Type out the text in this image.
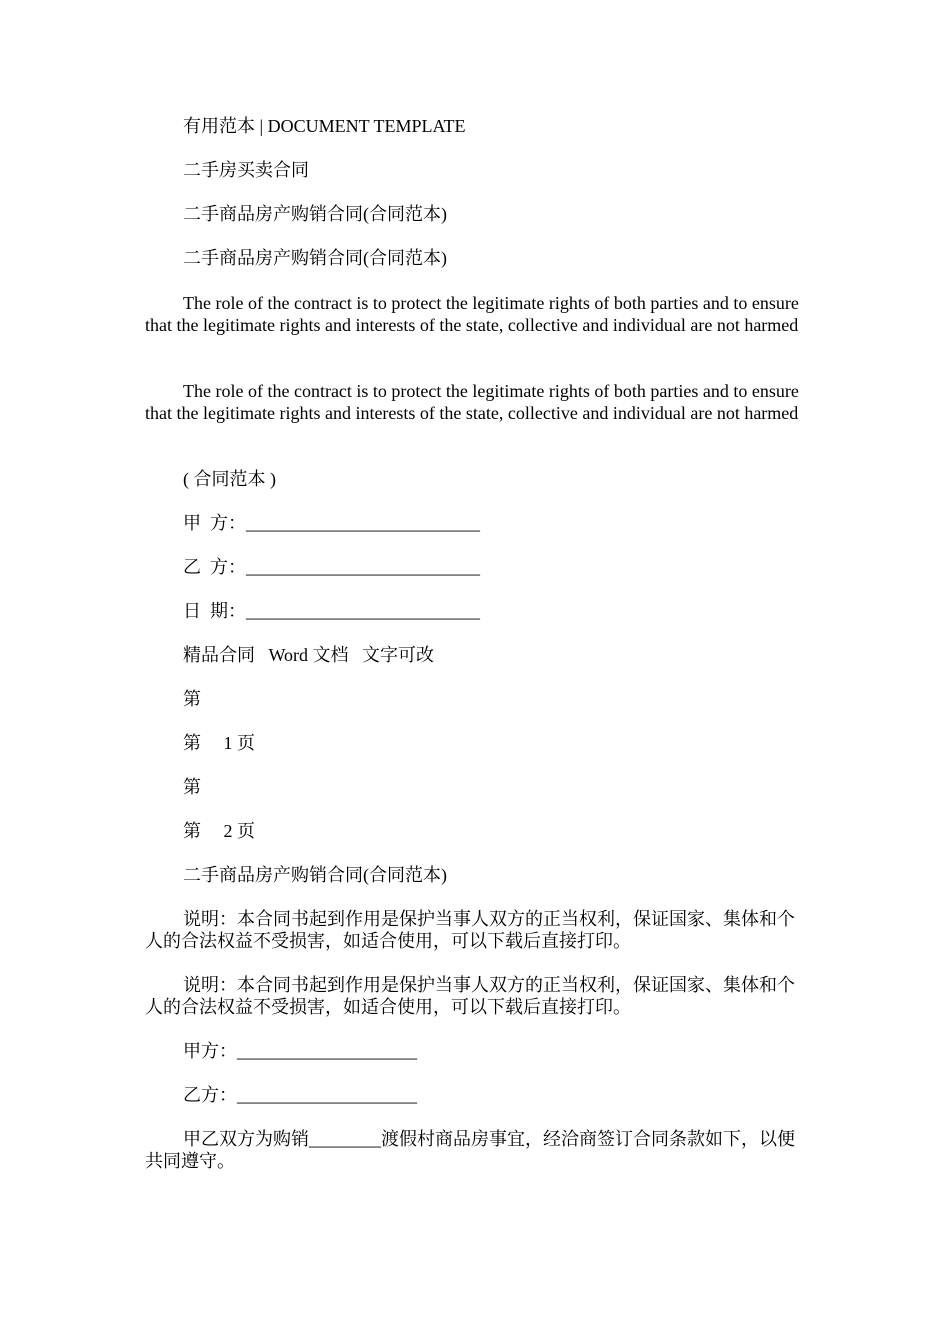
有用范本 | DOCUMENT TEMPLATE
二手房买卖合同
二手商品房产购销合同(合同范本)
二手商品房产购销合同(合同范本)
The role of the contract is to protect the legitimate rights of both parties and to ensure that the legitimate rights and interests of the state, collective and individual are not harmed
The role of the contract is to protect the legitimate rights of both parties and to ensure that the legitimate rights and interests of the state, collective and individual are not harmed
( 合同范本 )
甲  方：__________________________
乙  方：__________________________
日  期：__________________________
精品合同   Word 文档   文字可改
第
第     1 页
第
第     2 页
二手商品房产购销合同(合同范本)
说明：本合同书起到作用是保护当事人双方的正当权利，保证国家、集体和个人的合法权益不受损害，如适合使用，可以下载后直接打印。
说明：本合同书起到作用是保护当事人双方的正当权利，保证国家、集体和个人的合法权益不受损害，如适合使用，可以下载后直接打印。
甲方：____________________
乙方：____________________
甲乙双方为购销________渡假村商品房事宜，经洽商签订合同条款如下，以便共同遵守。
